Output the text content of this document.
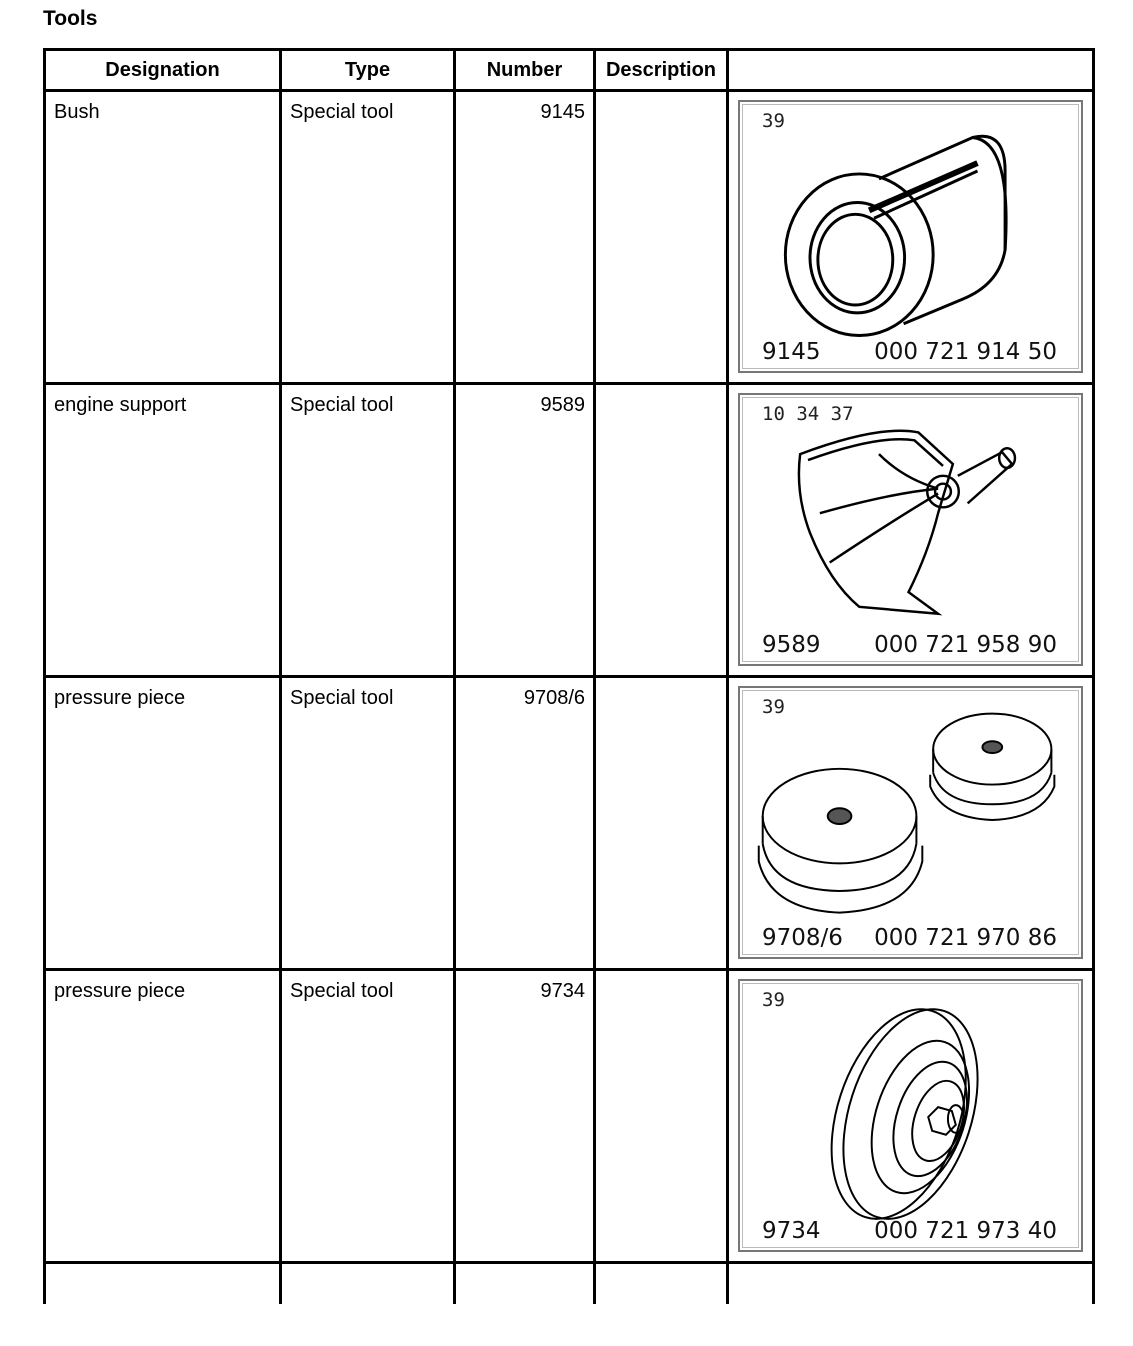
Tools
Designation	Type	Number	Description	

Bush	Special tool	9145		39
9145 000 721 914 50

engine support	Special tool	9589		10 34 37
9589 000 721 958 90

pressure piece	Special tool	9708/6		39
9708/6 000 721 970 86

pressure piece	Special tool	9734		39
9734 000 721 973 40
